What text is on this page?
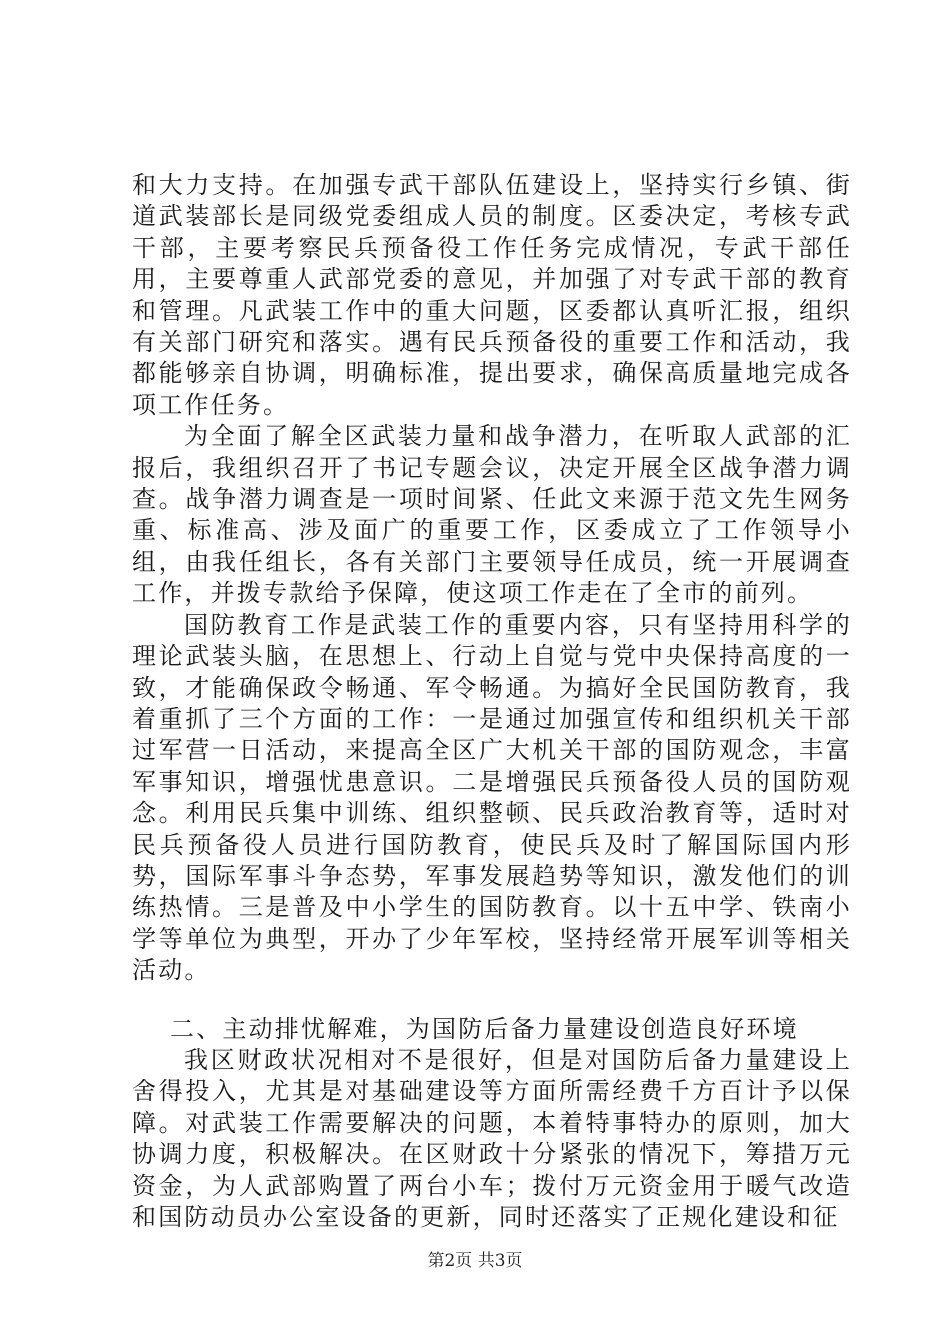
和大力支持。在加强专武干部队伍建设上，坚持实行乡镇、街道武装部长是同级党委组成人员的制度。区委决定，考核专武干部，主要考察民兵预备役工作任务完成情况，专武干部任用，主要尊重人武部党委的意见，并加强了对专武干部的教育和管理。凡武装工作中的重大问题，区委都认真听汇报，组织有关部门研究和落实。遇有民兵预备役的重要工作和活动，我都能够亲自协调，明确标准，提出要求，确保高质量地完成各项工作任务。

为全面了解全区武装力量和战争潜力，在听取人武部的汇报后，我组织召开了书记专题会议，决定开展全区战争潜力调查。战争潜力调查是一项时间紧、任此文来源于范文先生网务重、标准高、涉及面广的重要工作，区委成立了工作领导小组，由我任组长，各有关部门主要领导任成员，统一开展调查工作，并拨专款给予保障，使这项工作走在了全市的前列。

国防教育工作是武装工作的重要内容，只有坚持用科学的理论武装头脑，在思想上、行动上自觉与党中央保持高度的一致，才能确保政令畅通、军令畅通。为搞好全民国防教育，我着重抓了三个方面的工作：一是通过加强宣传和组织机关干部过军营一日活动，来提高全区广大机关干部的国防观念，丰富军事知识，增强忧患意识。二是增强民兵预备役人员的国防观念。利用民兵集中训练、组织整顿、民兵政治教育等，适时对民兵预备役人员进行国防教育，使民兵及时了解国际国内形势，国际军事斗争态势，军事发展趋势等知识，激发他们的训练热情。三是普及中小学生的国防教育。以十五中学、铁南小学等单位为典型，开办了少年军校，坚持经常开展军训等相关活动。

二、主动排忧解难，为国防后备力量建设创造良好环境

我区财政状况相对不是很好，但是对国防后备力量建设上舍得投入，尤其是对基础建设等方面所需经费千方百计予以保障。对武装工作需要解决的问题，本着特事特办的原则，加大协调力度，积极解决。在区财政十分紧张的情况下，筹措万元资金，为人武部购置了两台小车；拨付万元资金用于暖气改造和国防动员办公室设备的更新，同时还落实了正规化建设和征

第2页 共3页
